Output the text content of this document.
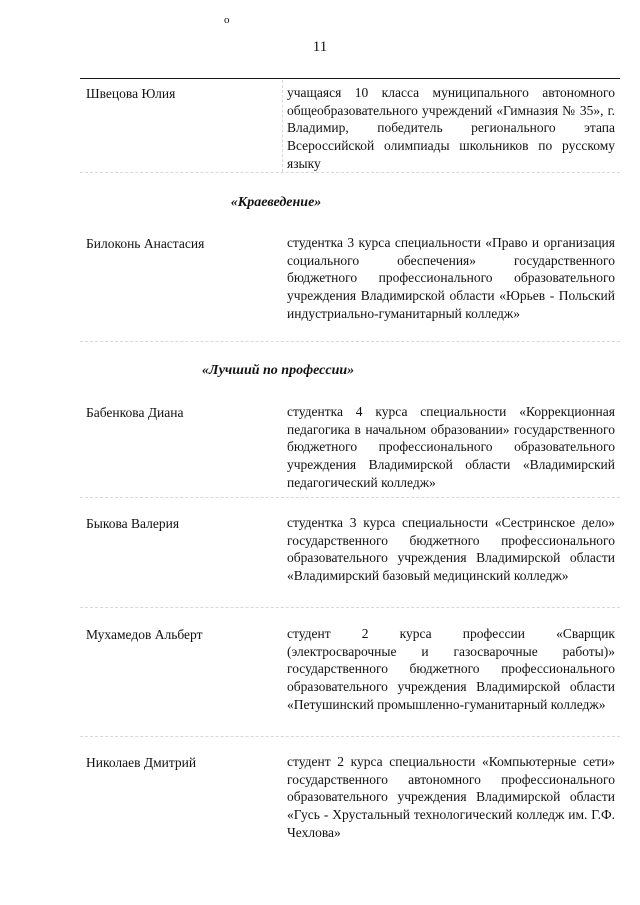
o
11
Швецова Юлия	учащаяся 10 класса муниципального автономного общеобразовательного учреждений «Гимназия № 35», г. Владимир, победитель регионального этапа Всероссийской олимпиады школьников по русскому языку
«Краеведение»
Билоконь Анастасия	студентка 3 курса специальности «Право и организация социального обеспечения» государственного бюджетного профессионального образовательного учреждения Владимирской области «Юрьев - Польский индустриально-гуманитарный колледж»
«Лучший по профессии»
Бабенкова Диана	студентка 4 курса специальности «Коррекционная педагогика в начальном образовании» государственного бюджетного профессионального образовательного учреждения Владимирской области «Владимирский педагогический колледж»
Быкова Валерия	студентка 3 курса специальности «Сестринское дело» государственного бюджетного профессионального образовательного учреждения Владимирской области «Владимирский базовый медицинский колледж»
Мухамедов Альберт	студент 2 курса профессии «Сварщик (электросварочные и газосварочные работы)» государственного бюджетного профессионального образовательного учреждения Владимирской области «Петушинский промышленно-гуманитарный колледж»
Николаев Дмитрий	студент 2 курса специальности «Компьютерные сети» государственного автономного профессионального образовательного учреждения Владимирской области «Гусь - Хрустальный технологический колледж им. Г.Ф. Чехлова»
